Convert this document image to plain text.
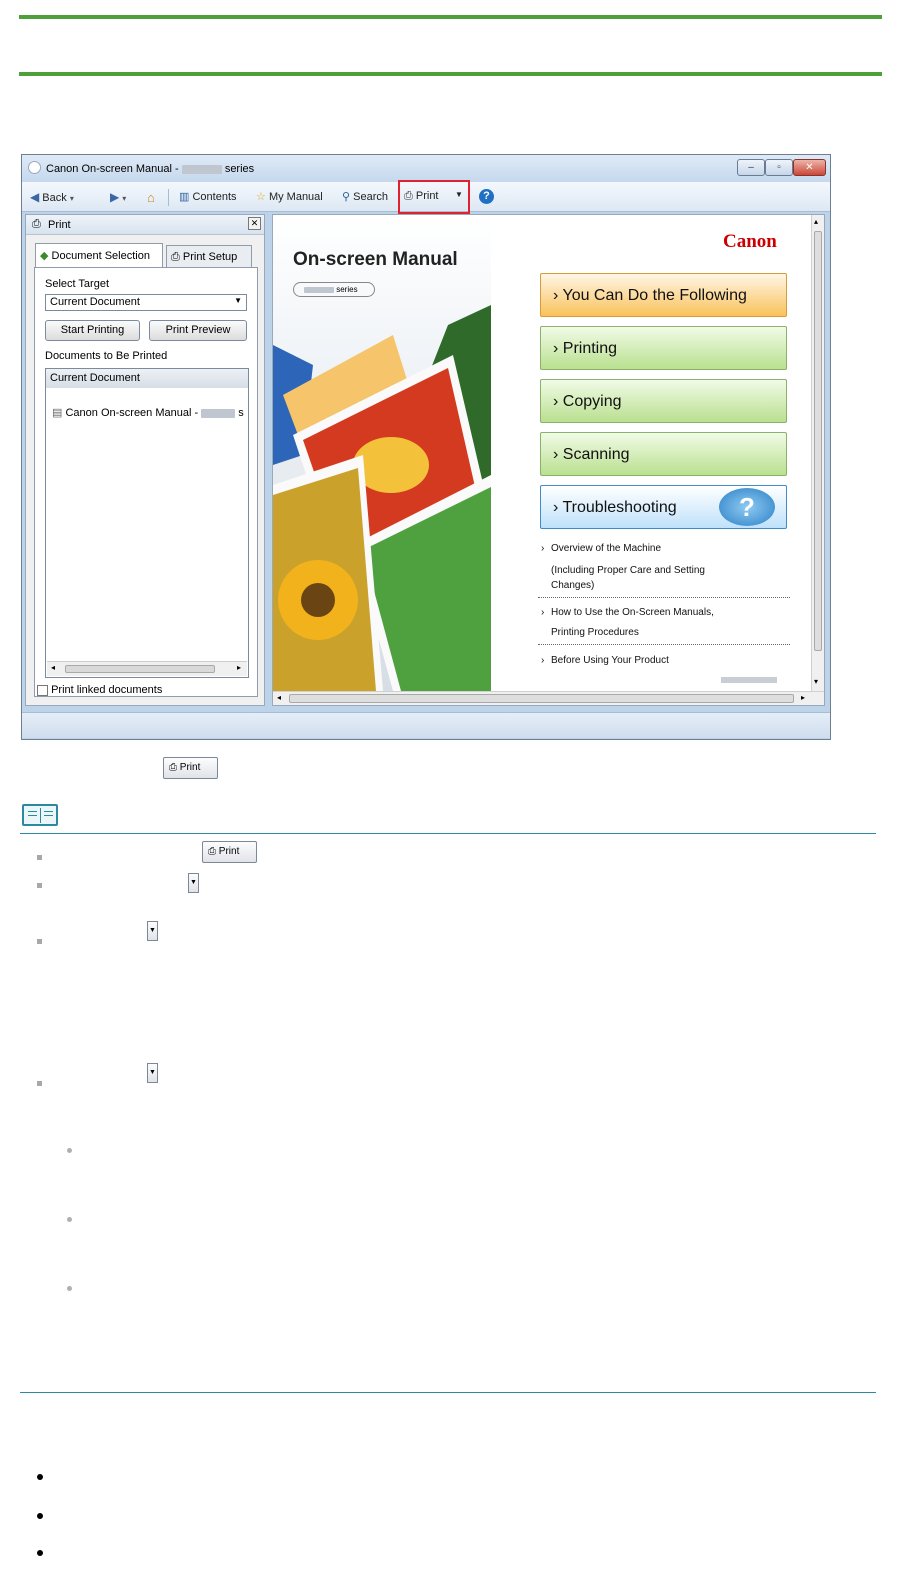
Canon On-screen Manual -	series	–	▫	✕
◀ Back ▾	▶ ▾ ⌂ ▥ Contents ☆ My Manual ⚲ Search ⎙ Print ▼	?
⎙ Print	✕
◆ Document Selection	⎙ Print Setup
Select Target
Current Document	▼
Start Printing	Print Preview
Documents to Be Printed
Current Document
▤ Canon On-screen Manual -	s
◂	▸
Print linked documents
On-screen Manual
series
Canon
› You Can Do the Following
› Printing
› Copying
› Scanning
› Troubleshooting	?
› Overview of the Machine
(Including Proper Care and Setting
Changes)
› How to Use the On-Screen Manuals,
Printing Procedures
› Before Using Your Product
▴
▾
◂	▸
⎙ Print
⎙ Print
▼
▼
▼
